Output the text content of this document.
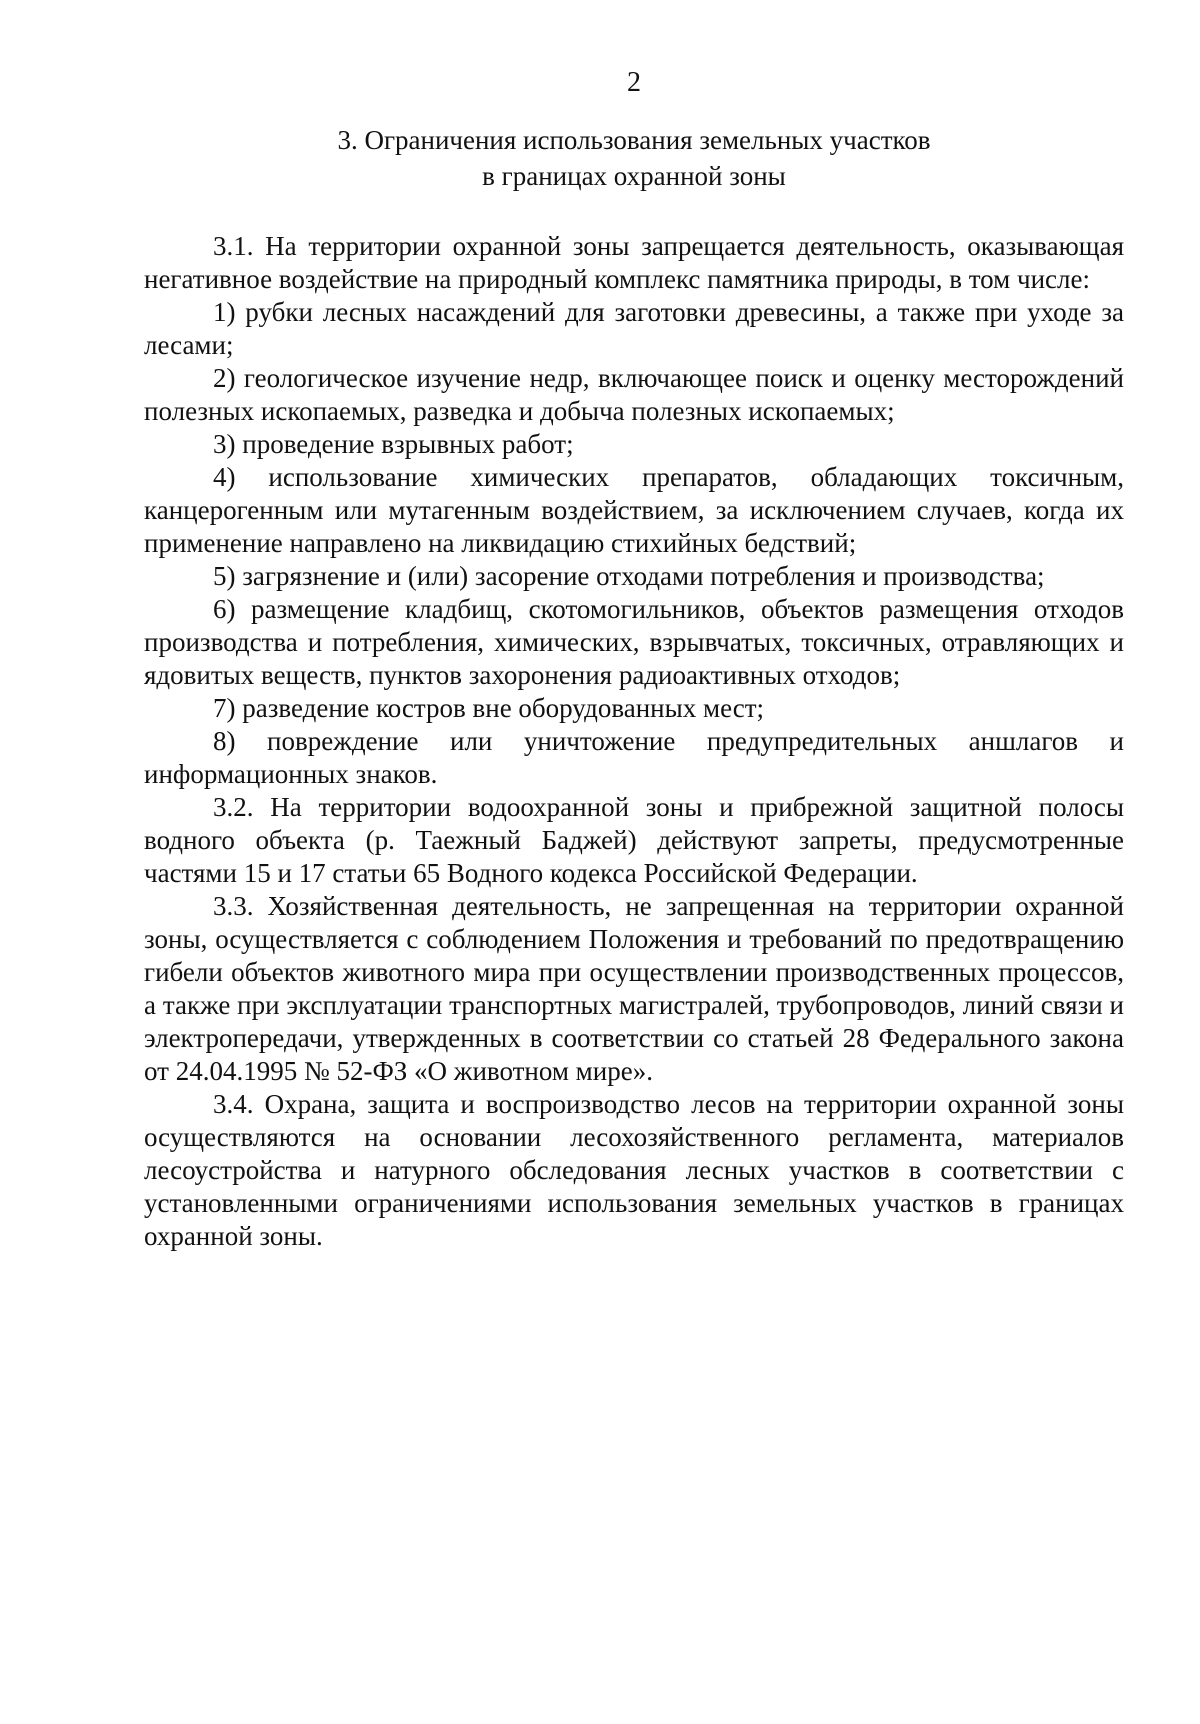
2
3. Ограничения использования земельных участков
в границах охранной зоны

3.1. На территории охранной зоны запрещается деятельность, оказывающая негативное воздействие на природный комплекс памятника природы, в том числе:

1) рубки лесных насаждений для заготовки древесины, а также при уходе за лесами;

2) геологическое изучение недр, включающее поиск и оценку месторождений полезных ископаемых, разведка и добыча полезных ископаемых;

3) проведение взрывных работ;

4) использование химических препаратов, обладающих токсичным, канцерогенным или мутагенным воздействием, за исключением случаев, когда их применение направлено на ликвидацию стихийных бедствий;

5) загрязнение и (или) засорение отходами потребления и производства;

6) размещение кладбищ, скотомогильников, объектов размещения отходов производства и потребления, химических, взрывчатых, токсичных, отравляющих и ядовитых веществ, пунктов захоронения радиоактивных отходов;

7) разведение костров вне оборудованных мест;

8) повреждение или уничтожение предупредительных аншлагов и информационных знаков.

3.2. На территории водоохранной зоны и прибрежной защитной полосы водного объекта (р. Таежный Баджей) действуют запреты, предусмотренные частями 15 и 17 статьи 65 Водного кодекса Российской Федерации.

3.3. Хозяйственная деятельность, не запрещенная на территории охранной зоны, осуществляется с соблюдением Положения и требований по предотвращению гибели объектов животного мира при осуществлении производственных процессов, а также при эксплуатации транспортных магистралей, трубопроводов, линий связи и электропередачи, утвержденных в соответствии со статьей 28 Федерального закона от 24.04.1995 № 52-ФЗ «О животном мире».

3.4. Охрана, защита и воспроизводство лесов на территории охранной зоны осуществляются на основании лесохозяйственного регламента, материалов лесоустройства и натурного обследования лесных участков в соответствии с установленными ограничениями использования земельных участков в границах охранной зоны.
